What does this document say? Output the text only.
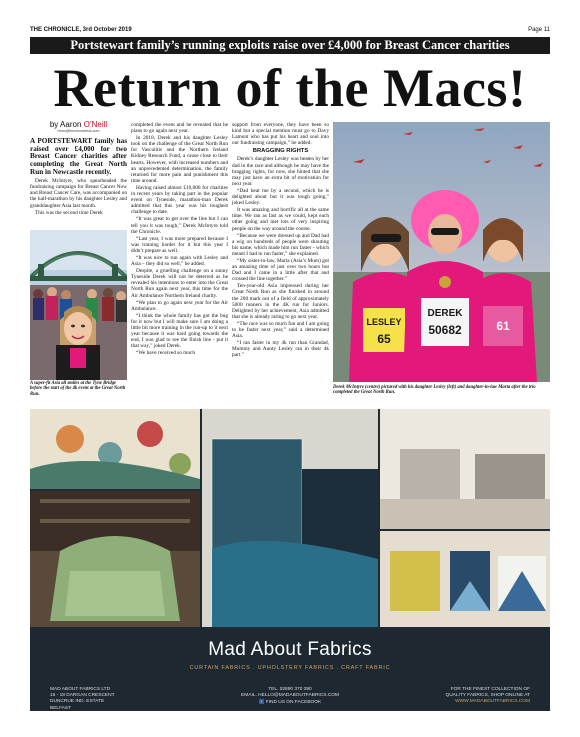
THE CHRONICLE, 3rd October 2019	Page 11
Portstewart family’s running exploits raise over £4,000 for Breast Cancer charities
Return of the Macs!
by Aaron O’Neill
news@thechronicleuk.com
A PORTSTEWART family has raised over £4,000 for two Breast Cancer charities after completing the Great North Run in Newcastle recently.

Derek McIntyre, who spearheaded the fundraising campaign for Breast Cancer Now and Breast Cancer Care, was accompanied on the half-marathon by his daughter Lesley and granddaughter Asia last month.

This was the second time Derek

A super-fit Asia all smiles at the Tyne Bridge before the start of the 4k event at the Great North Run.

completed the event and he revealed that he plans to go again next year.

In 2018, Derek and his daughter Lesley took on the challenge of the Great North Run for Vasculitis and the Northern Ireland Kidney Research Fund, a cause close to their hearts. However, with increased numbers and an unprecedented determination, the family returned for more pain and punishment this time around.

Having raised almost £10,000 for charities in recent years by taking part in the popular event on Tyneside, marathon-man Derek admitted that this year was his toughest challenge to date.

“It was great to get over the line but I can tell you it was tough,” Derek McIntyre told the Chronicle.

“Last year, I was more prepared because I was training harder for it but this year I didn’t prepare as well.

“It was nice to run again with Lesley and Asia – they did so well,” he added.

Despite, a gruelling challenge on a sunny Tyneside Derek will not be deterred as he revealed his intentions to enter into the Great North Run again next year, this time for the Air Ambulance Northern Ireland charity.

“We plan to go again next year for the Air Ambulance.

“I think the whole family has got the bug for it now but I will make sure I am doing a little bit more training in the run-up to it next year because it was hard going towards the end, I was glad to see the finish line - put it that way,” joked Derek.

“We have received so much

support from everyone, they have been so kind but a special mention must go to Davy Lamont who has put his heart and soul into our fundraising campaign,” he added.

BRAGGING RIGHTS

Derek’s daughter Lesley was beaten by her dad in the race and although he may have the bragging rights, for now, she hinted that she may just have an extra bit of motivation for next year.

“Dad beat me by a second, which he is delighted about but it was tough going,” joked Lesley.

It was amazing and horrific all at the same time. We ran as fast as we could, kept each other going and met lots of very inspiring people on the way around the course.

“Because we were dressed up and Dad had a wig on hundreds of people were shouting his name, which made him run faster - which meant I had to run faster,” she explained.

“My sister-in-law, Marta (Asia’s Mum) got an amazing time of just over two hours but Dad and I came in a little after that and crossed the line together.”

Ten-year-old Asia impressed during her Great North Run as she finished in around the 200 mark out of a field of approximately 5000 runners in the 4K run for Juniors. Delighted by her achievement, Asia admitted that she is already raring to go next year.

“The race was so much fun and I am going to be faster next year,” said a determined Asia.

“I ran faster in my 4k run than Grandad, Mummy and Aunty Lesley ran in their 4k part.”

LESLEY
65
DEREK
50682	61
Derek McIntyre (centre) pictured with his daughter Lesley (left) and daughter-in-law Marta after the trio completed the Great North Run.
Mad About Fabrics
CURTAIN FABRICS . UPHOLSTERY FABRICS . CRAFT FABRIC
MAD ABOUT FABRICS LTD
16 - 18 DARGAN CRESCENT
DUNCRUE IND. ESTATE
BELFAST
TEL. 02890 370 390
EMAIL. HELLO@MADABOUTFABRICS.COM
f FIND US ON FACEBOOK
FOR THE FINEST COLLECTION OF
QUALITY FABRICS, SHOP ONLINE AT
WWW.MADABOUTFABRICS.COM
